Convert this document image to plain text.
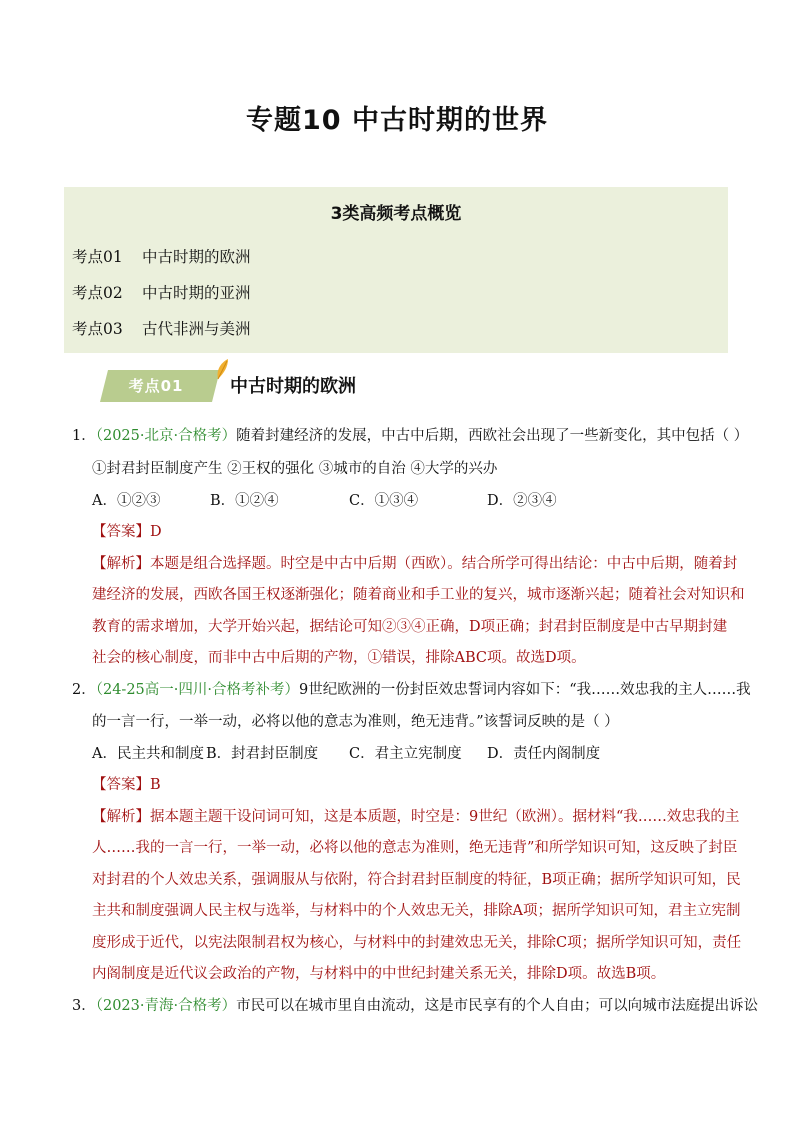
专题10 中古时期的世界
3类高频考点概览
考点01 中古时期的欧洲
考点02 中古时期的亚洲
考点03 古代非洲与美洲
考点01	中古时期的欧洲
1．（2025·北京·合格考）随着封建经济的发展，中古中后期，西欧社会出现了一些新变化，其中包括（ ）
①封君封臣制度产生 ②王权的强化 ③城市的自治 ④大学的兴办
A．①②③	B．①②④	C．①③④	D．②③④
【答案】D
【解析】本题是组合选择题。时空是中古中后期（西欧）。结合所学可得出结论：中古中后期，随着封
建经济的发展，西欧各国王权逐渐强化；随着商业和手工业的复兴，城市逐渐兴起；随着社会对知识和
教育的需求增加，大学开始兴起，据结论可知②③④正确，D项正确；封君封臣制度是中古早期封建
社会的核心制度，而非中古中后期的产物，①错误，排除ABC项。故选D项。
2．（24-25高一·四川·合格考补考）9世纪欧洲的一份封臣效忠誓词内容如下：“我……效忠我的主人……我
的一言一行，一举一动，必将以他的意志为准则，绝无违背。”该誓词反映的是（ ）
A．民主共和制度 B．封君封臣制度 C．君主立宪制度 D．责任内阁制度
【答案】B
【解析】据本题主题干设问词可知，这是本质题，时空是：9世纪（欧洲）。据材料“我……效忠我的主
人……我的一言一行，一举一动，必将以他的意志为准则，绝无违背”和所学知识可知，这反映了封臣
对封君的个人效忠关系，强调服从与依附，符合封君封臣制度的特征，B项正确；据所学知识可知，民
主共和制度强调人民主权与选举，与材料中的个人效忠无关，排除A项；据所学知识可知，君主立宪制
度形成于近代，以宪法限制君权为核心，与材料中的封建效忠无关，排除C项；据所学知识可知，责任
内阁制度是近代议会政治的产物，与材料中的中世纪封建关系无关，排除D项。故选B项。
3．（2023·青海·合格考）市民可以在城市里自由流动，这是市民享有的个人自由；可以向城市法庭提出诉讼
